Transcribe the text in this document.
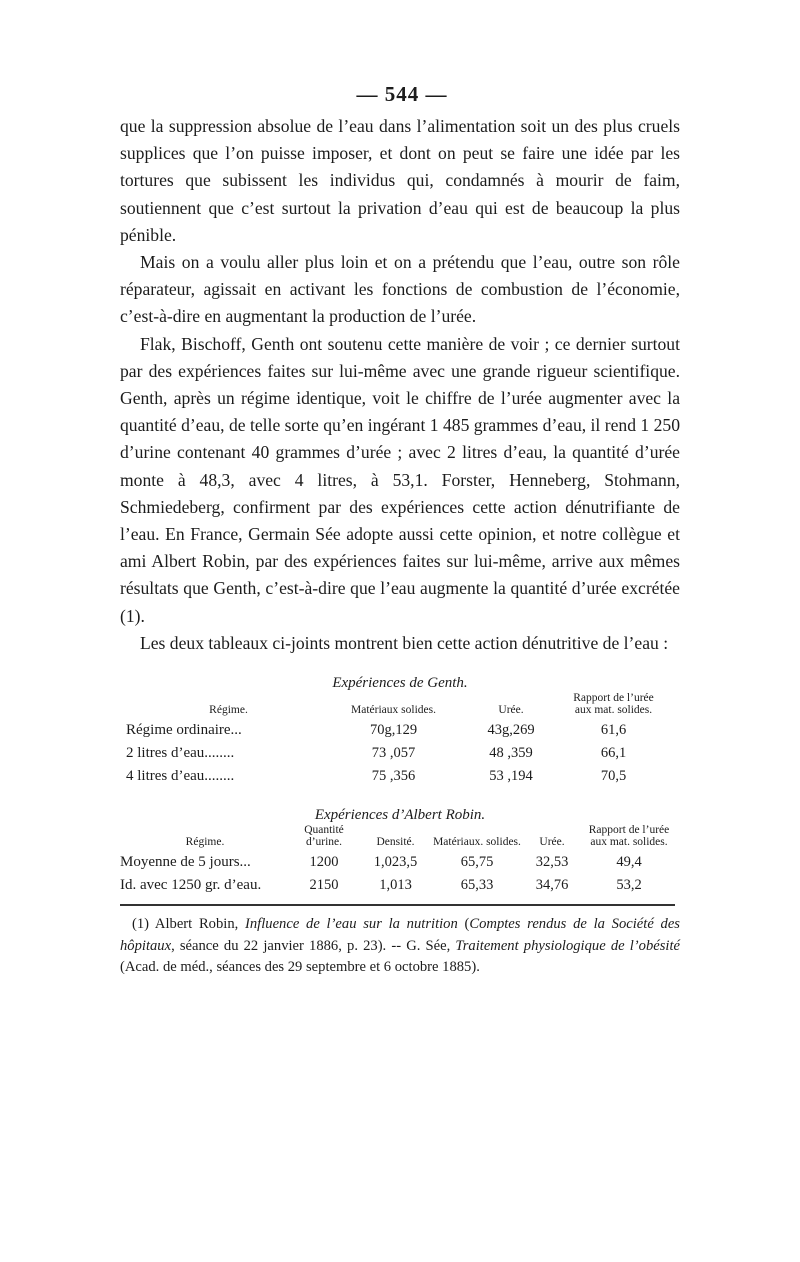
— 544 —

que la suppression absolue de l’eau dans l’alimentation soit un des plus cruels supplices que l’on puisse imposer, et dont on peut se faire une idée par les tortures que subissent les individus qui, condamnés à mourir de faim, soutiennent que c’est surtout la privation d’eau qui est de beaucoup la plus pénible.

Mais on a voulu aller plus loin et on a prétendu que l’eau, outre son rôle réparateur, agissait en activant les fonctions de combustion de l’économie, c’est-à-dire en augmentant la production de l’urée.

Flak, Bischoff, Genth ont soutenu cette manière de voir ; ce dernier surtout par des expériences faites sur lui-même avec une grande rigueur scientifique. Genth, après un régime identique, voit le chiffre de l’urée augmenter avec la quantité d’eau, de telle sorte qu’en ingérant 1 485 grammes d’eau, il rend 1 250 d’urine contenant 40 grammes d’urée ; avec 2 litres d’eau, la quantité d’urée monte à 48,3, avec 4 litres, à 53,1. Forster, Henneberg, Stohmann, Schmiedeberg, confirment par des expériences cette action dénutrifiante de l’eau. En France, Germain Sée adopte aussi cette opinion, et notre collègue et ami Albert Robin, par des expériences faites sur lui-même, arrive aux mêmes résultats que Genth, c’est-à-dire que l’eau augmente la quantité d’urée excrétée (1).

Les deux tableaux ci-joints montrent bien cette action dénutritive de l’eau :

Expériences de Genth.
Régime.	Matériaux solides.	Urée.	Rapport de l’urée aux mat. solides.
Régime ordinaire...	70g,129	43g,269	61,6
2 litres d’eau........	73 ,057	48 ,359	66,1
4 litres d’eau........	75 ,356	53 ,194	70,5
Expériences d’Albert Robin.
Régime.	Quantité d’urine.	Densité.	Matériaux. solides.	Urée.	Rapport de l’urée aux mat. solides.
Moyenne de 5 jours...	1200	1,023,5	65,75	32,53	49,4
Id. avec 1250 gr. d’eau.	2150	1,013	65,33	34,76	53,2

(1) Albert Robin, Influence de l’eau sur la nutrition (Comptes rendus de la Société des hôpitaux, séance du 22 janvier 1886, p. 23). -- G. Sée, Traitement physiologique de l’obésité (Acad. de méd., séances des 29 septembre et 6 octobre 1885).
